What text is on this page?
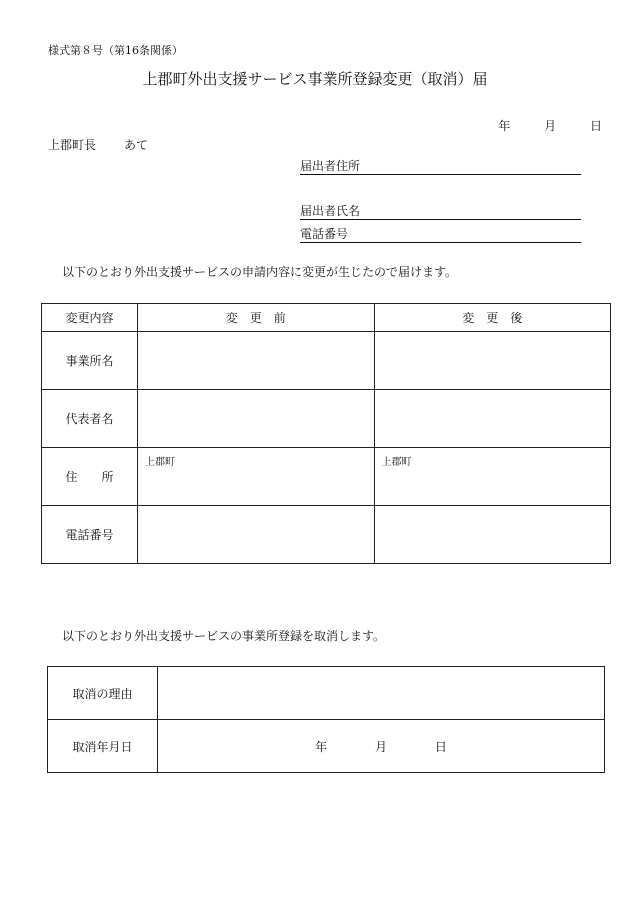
様式第８号（第16条関係）
上郡町外出支援サービス事業所登録変更（取消）届
年	月	日
上郡町長 あて
届出者住所
届出者氏名
電話番号
以下のとおり外出支援サービスの申請内容に変更が生じたので届けます。
変更内容	変　更　前	変　更　後
事業所名		
代表者名		
住　　所	上郡町	上郡町

電話番号		
以下のとおり外出支援サービスの事業所登録を取消します。
取消の理由	
取消年月日	年 月 日
